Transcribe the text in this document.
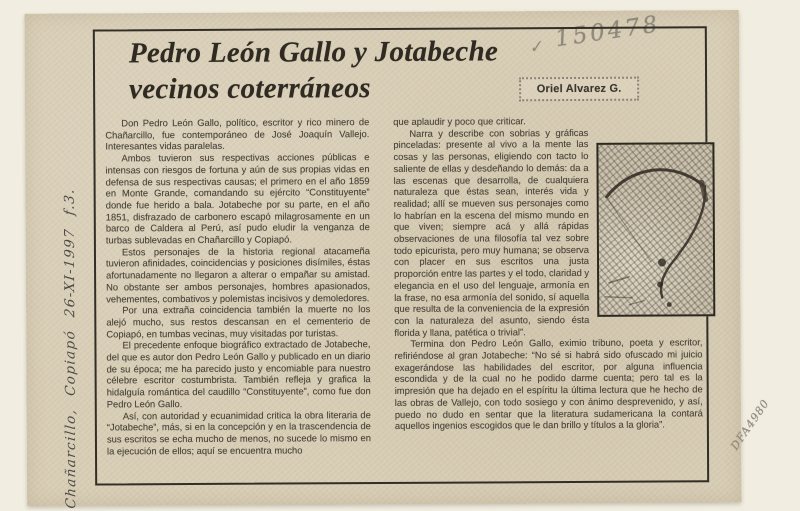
✓ 150478
Chañarcillo, Copiapó 26-XI-1997 f.3.	DFA4980
Pedro León Gallo y Jotabeche
vecinos coterráneos	Oriel Alvarez G.

Don Pedro León Gallo, político, escritor y rico minero de Chañarcillo, fue contemporáneo de José Joaquín Vallejo. Interesantes vidas paralelas.

Ambos tuvieron sus respectivas acciones públicas e intensas con riesgos de fortuna y aún de sus propias vidas en defensa de sus respectivas causas; el primero en el año 1859 en Monte Grande, comandando su ejército “Constituyente” donde fue herido a bala. Jotabeche por su parte, en el año 1851, disfrazado de carbonero escapó milagrosamente en un barco de Caldera al Perú, así pudo eludir la venganza de turbas sublevadas en Chañarcillo y Copiapó.

Estos personajes de la historia regional atacameña tuvieron afinidades, coincidencias y posiciones disímiles, éstas afortunadamente no llegaron a alterar o empañar su amistad. No obstante ser ambos personajes, hombres apasionados, vehementes, combativos y polemistas incisivos y demoledores.

Por una extraña coincidencia también la muerte no los alejó mucho, sus restos descansan en el cementerio de Copiapó, en tumbas vecinas, muy visitadas por turistas.

El precedente enfoque biográfico extractado de Jotabeche, del que es autor don Pedro León Gallo y publicado en un diario de su época; me ha parecido justo y encomiable para nuestro célebre escritor costumbrista. También refleja y grafica la hidalguía romántica del caudillo “Constituyente”, como fue don Pedro León Gallo.

Así, con autoridad y ecuanimidad critica la obra literaria de “Jotabeche”, más, si en la concepción y en la trascendencia de sus escritos se echa mucho de menos, no sucede lo mismo en la ejecución de ellos; aquí se encuentra mucho

que aplaudir y poco que criticar.

Narra y describe con sobrias y gráficas pinceladas: presente al vivo a la mente las cosas y las personas, eligiendo con tacto lo saliente de ellas y desdeñando lo demás: da a las escenas que desarrolla, de cualquiera naturaleza que éstas sean, interés vida y realidad; allí se mueven sus personajes como lo habrían en la escena del mismo mundo en que viven; siempre acá y allá rápidas observaciones de una filosofía tal vez sobre todo epicurista, pero muy humana; se observa con placer en sus escritos una justa proporción entre las partes y el todo, claridad y elegancia en el uso del lenguaje, armonía en la frase, no esa armonía del sonido, sí aquella que resulta de la conveniencia de la expresión con la naturaleza del asunto, siendo ésta florida y llana, patética o trivial”.

Termina don Pedro León Gallo, eximio tribuno, poeta y escritor, refiriéndose al gran Jotabeche: “No sé si habrá sido ofuscado mi juicio exagerándose las habilidades del escritor, por alguna influencia escondida y de la cual no he podido darme cuenta; pero tal es la impresión que ha dejado en el espíritu la última lectura que he hecho de las obras de Vallejo, con todo sosiego y con ánimo desprevenido, y así, puedo no dudo en sentar que la literatura sudamericana la contará aquellos ingenios escogidos que le dan brillo y títulos a la gloria”.
